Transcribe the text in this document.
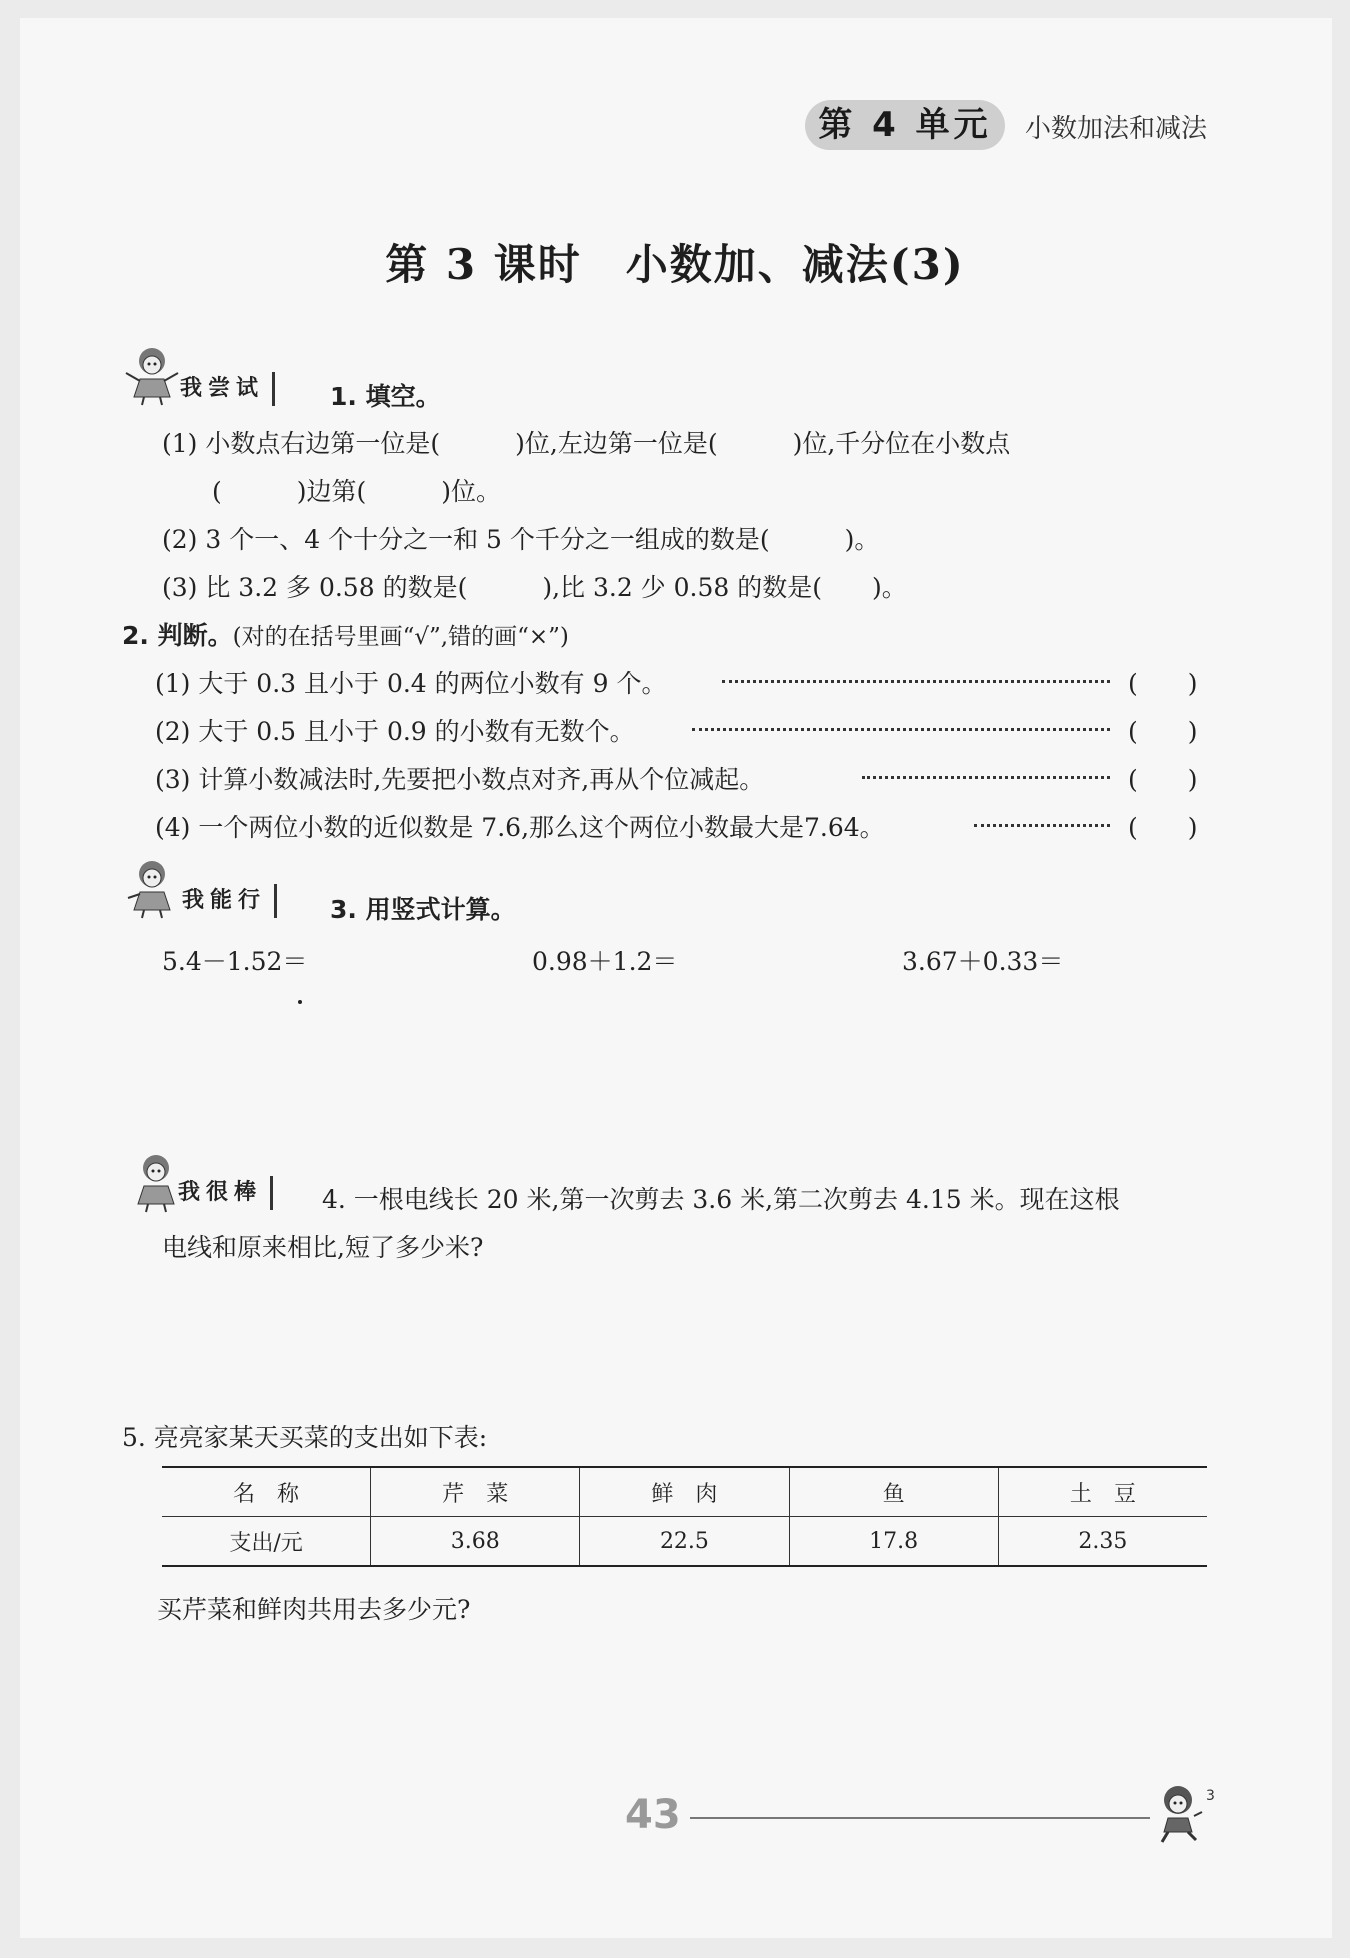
第 4 单元	小数加法和减法
第 3 课时　小数加、减法(3)
我尝试	1. 填空。
(1) 小数点右边第一位是(　　　)位,左边第一位是(　　　)位,千分位在小数点
(　　　)边第(　　　)位。
(2) 3 个一、4 个十分之一和 5 个千分之一组成的数是(　　　)。
(3) 比 3.2 多 0.58 的数是(　　　),比 3.2 少 0.58 的数是(　　)。
2. 判断。(对的在括号里画“√”,错的画“×”)
(1) 大于 0.3 且小于 0.4 的两位小数有 9 个。	(　　)
(2) 大于 0.5 且小于 0.9 的小数有无数个。	(　　)
(3) 计算小数减法时,先要把小数点对齐,再从个位减起。	(　　)
(4) 一个两位小数的近似数是 7.6,那么这个两位小数最大是7.64。	(　　)
我能行	3. 用竖式计算。
5.4－1.52＝	0.98＋1.2＝	3.67＋0.33＝
我很棒	4. 一根电线长 20 米,第一次剪去 3.6 米,第二次剪去 4.15 米。现在这根
电线和原来相比,短了多少米?
5. 亮亮家某天买菜的支出如下表:
名　称	芹　菜	鲜　肉	鱼	土　豆
支出/元	3.68	22.5	17.8	2.35
买芹菜和鲜肉共用去多少元?
43	3
